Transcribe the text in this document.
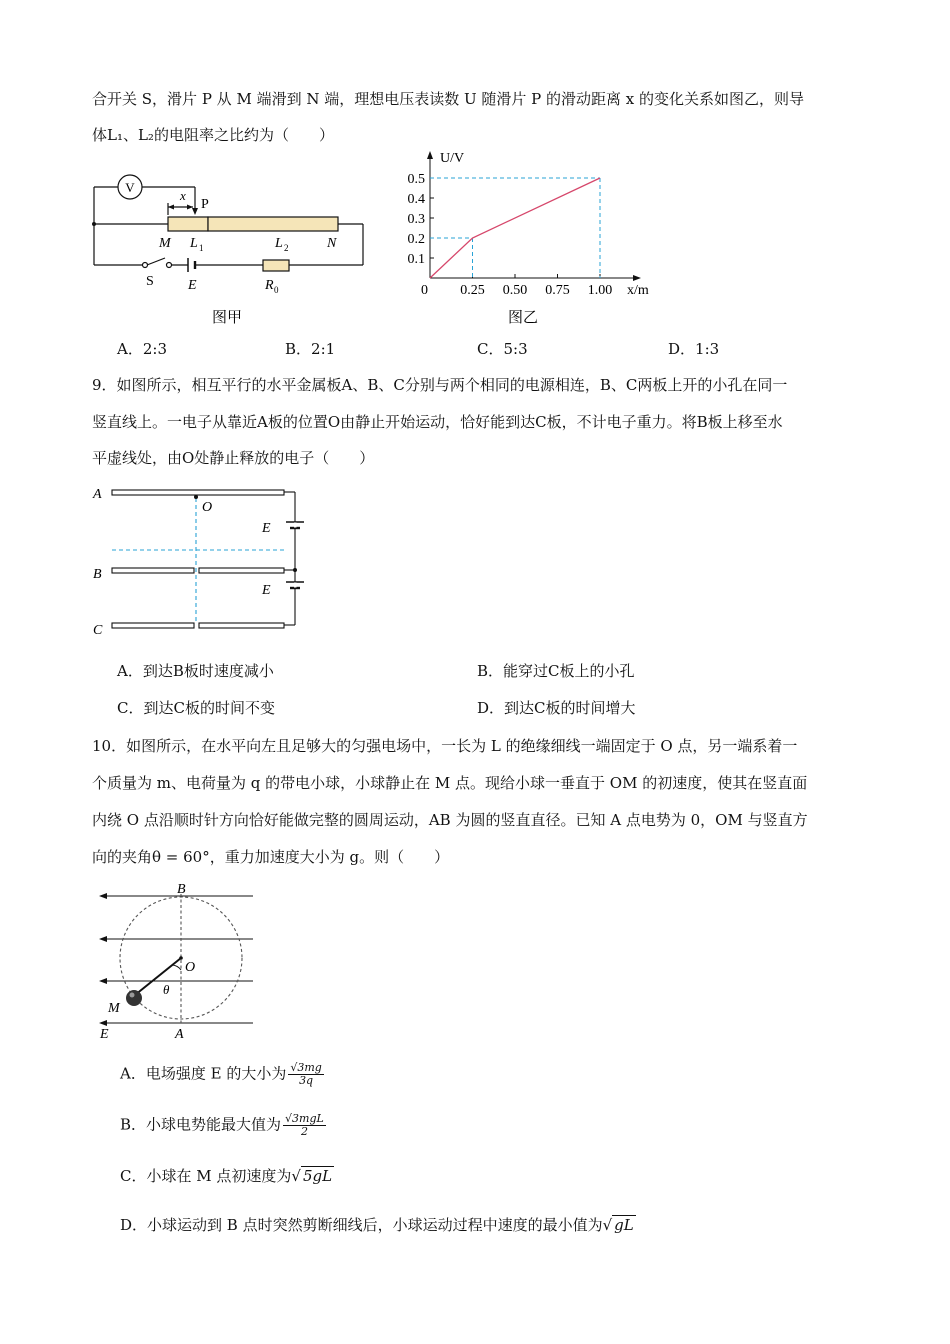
合开关 S，滑片 P 从 M 端滑到 N 端，理想电压表读数 U 随滑片 P 的滑动距离 x 的变化关系如图乙，则导
体L₁、L₂的电阻率之比约为（　　）
V
x
P
M L 1	L 2	N
S E	R 0
图甲
U/V
x/m
0
0.1
0.2
0.3
0.4
0.5
0.25 0.50 0.75 1.00
图乙
A．2:3	B．2:1	C．5:3	D．1:3
9．如图所示，相互平行的水平金属板A、B、C分别与两个相同的电源相连，B、C两板上开的小孔在同一
竖直线上。一电子从靠近A板的位置O由静止开始运动，恰好能到达C板，不计电子重力。将B板上移至水
平虚线处，由O处静止释放的电子（　　）
A
B
C
O
E
E
A．到达B板时速度减小	B．能穿过C板上的小孔
C．到达C板的时间不变	D．到达C板的时间增大
10．如图所示，在水平向左且足够大的匀强电场中，一长为 L 的绝缘细线一端固定于 O 点，另一端系着一
个质量为 m、电荷量为 q 的带电小球，小球静止在 M 点。现给小球一垂直于 OM 的初速度，使其在竖直面
内绕 O 点沿顺时针方向恰好能做完整的圆周运动，AB 为圆的竖直直径。已知 A 点电势为 0，OM 与竖直方
向的夹角θ = 60°，重力加速度大小为 g。则（　　）
B
O
θ
M
E	A
A．电场强度 E 的大小为 $\frac{√3mg}{3q}$
B．小球电势能最大值为 $\frac{\text{√3mgL}}{2}$
C．小球在 M 点初速度为√ 5gL
D．小球运动到 B 点时突然剪断细线后，小球运动过程中速度的最小值为√ gL
